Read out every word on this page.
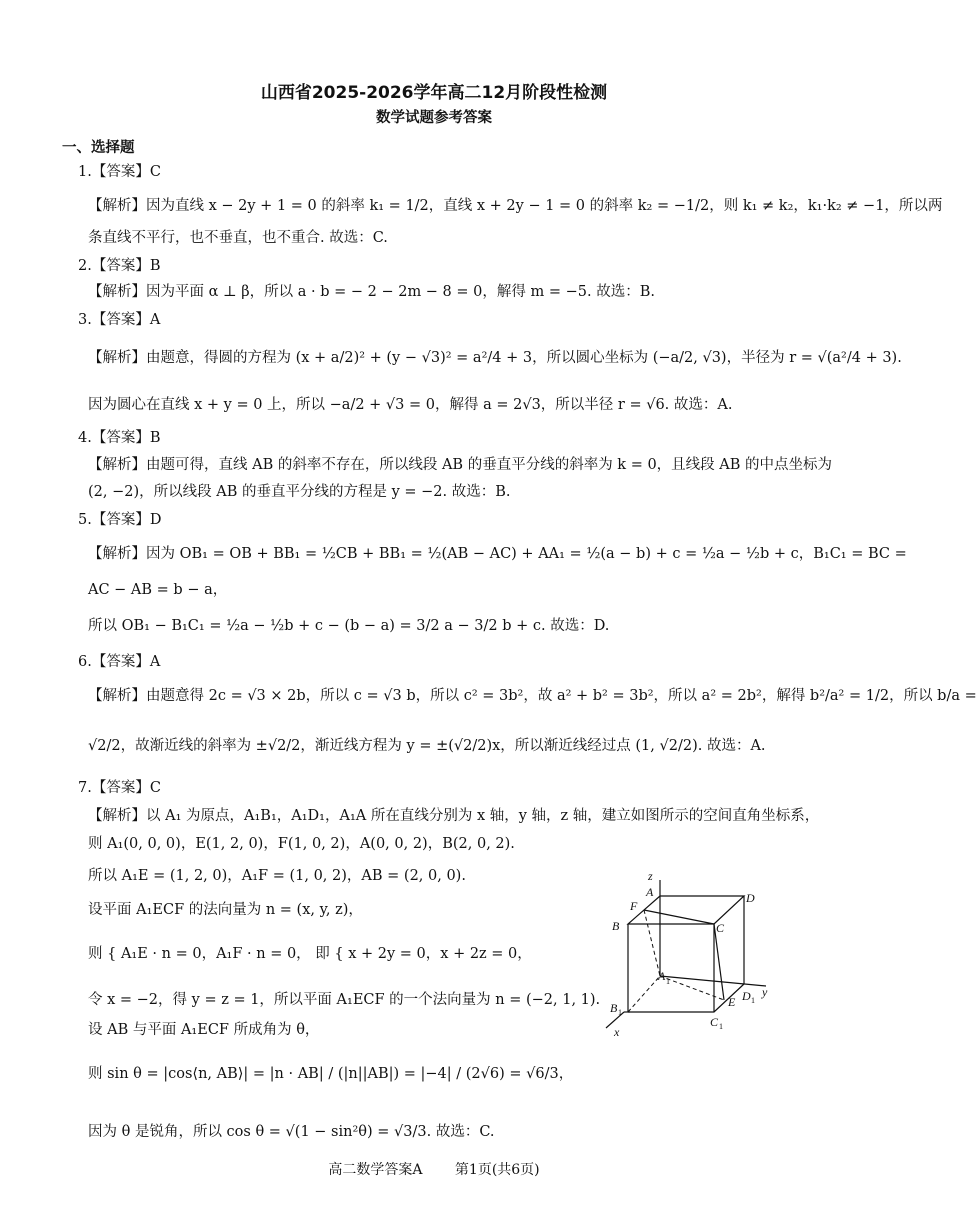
山西省2025-2026学年高二12月阶段性检测
数学试题参考答案
一、选择题
1.【答案】C
【解析】因为直线 x − 2y + 1 = 0 的斜率 k₁ = 1/2，直线 x + 2y − 1 = 0 的斜率 k₂ = −1/2，则 k₁ ≠ k₂，k₁·k₂ ≠ −1，所以两
条直线不平行，也不垂直，也不重合. 故选：C.
2.【答案】B
【解析】因为平面 α ⊥ β，所以 a · b = − 2 − 2m − 8 = 0，解得 m = −5. 故选：B.
3.【答案】A
【解析】由题意，得圆的方程为 (x + a/2)² + (y − √3)² = a²/4 + 3，所以圆心坐标为 (−a/2, √3)，半径为 r = √(a²/4 + 3).
因为圆心在直线 x + y = 0 上，所以 −a/2 + √3 = 0，解得 a = 2√3，所以半径 r = √6. 故选：A.
4.【答案】B
【解析】由题可得，直线 AB 的斜率不存在，所以线段 AB 的垂直平分线的斜率为 k = 0，且线段 AB 的中点坐标为
(2, −2)，所以线段 AB 的垂直平分线的方程是 y = −2. 故选：B.
5.【答案】D
【解析】因为 OB₁ = OB + BB₁ = ½CB + BB₁ = ½(AB − AC) + AA₁ = ½(a − b) + c = ½a − ½b + c，B₁C₁ = BC =
AC − AB = b − a，
所以 OB₁ − B₁C₁ = ½a − ½b + c − (b − a) = 3/2 a − 3/2 b + c. 故选：D.
6.【答案】A
【解析】由题意得 2c = √3 × 2b，所以 c = √3 b，所以 c² = 3b²，故 a² + b² = 3b²，所以 a² = 2b²，解得 b²/a² = 1/2，所以 b/a =
√2/2，故渐近线的斜率为 ±√2/2，渐近线方程为 y = ±(√2/2)x，所以渐近线经过点 (1, √2/2). 故选：A.
7.【答案】C
【解析】以 A₁ 为原点，A₁B₁，A₁D₁，A₁A 所在直线分别为 x 轴，y 轴，z 轴，建立如图所示的空间直角坐标系，
则 A₁(0, 0, 0)，E(1, 2, 0)，F(1, 0, 2)，A(0, 0, 2)，B(2, 0, 2).
所以 A₁E = (1, 2, 0)，A₁F = (1, 0, 2)，AB = (2, 0, 0).
设平面 A₁ECF 的法向量为 n = (x, y, z)，
则 { A₁E · n = 0，A₁F · n = 0， 即 { x + 2y = 0，x + 2z = 0，
令 x = −2，得 y = z = 1，所以平面 A₁ECF 的一个法向量为 n = (−2, 1, 1).
设 AB 与平面 A₁ECF 所成角为 θ，
则 sin θ = |cos⟨n, AB⟩| = |n · AB| / (|n||AB|) = |−4| / (2√6) = √6/3，
因为 θ 是锐角，所以 cos θ = √(1 − sin²θ) = √3/3. 故选：C.
z
A	D
F
B	C
A 1
D 1
y
B 1
E
C 1
x
高二数学答案A 第1页(共6页)
